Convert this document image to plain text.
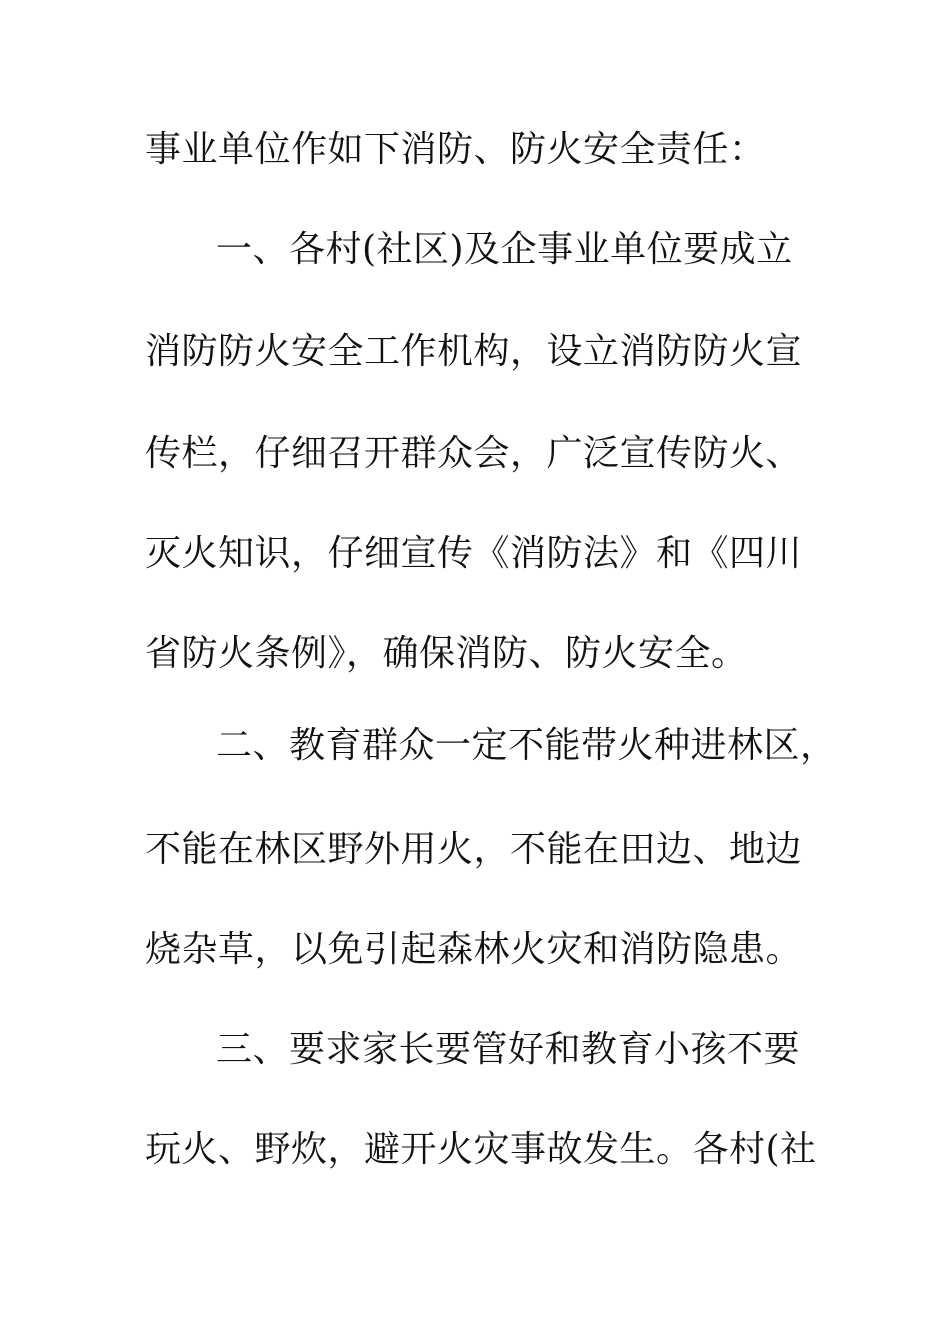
事业单位作如下消防、防火安全责任：
一、各村(社区)及企事业单位要成立
消防防火安全工作机构，设立消防防火宣
传栏，仔细召开群众会，广泛宣传防火、
灭火知识，仔细宣传《消防法》和《四川
省防火条例》，确保消防、防火安全。
二、教育群众一定不能带火种进林区，
不能在林区野外用火，不能在田边、地边
烧杂草，以免引起森林火灾和消防隐患。
三、要求家长要管好和教育小孩不要
玩火、野炊，避开火灾事故发生。各村(社
